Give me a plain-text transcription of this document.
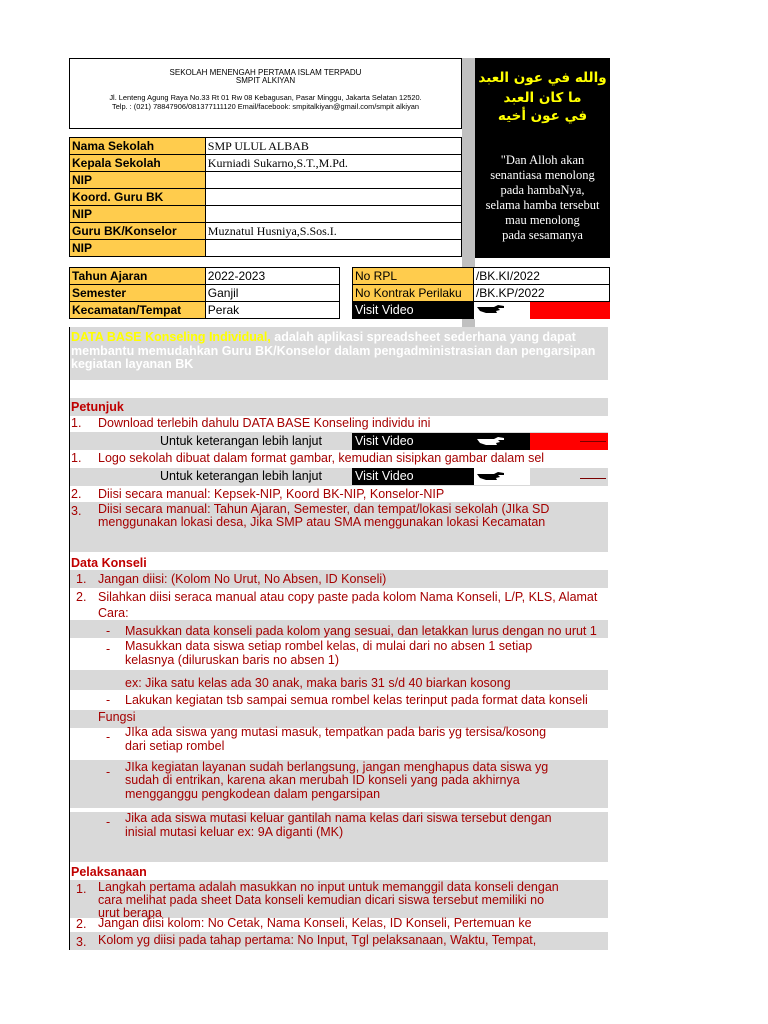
SEKOLAH MENENGAH PERTAMA ISLAM TERPADU
SMPIT ALKIYAN
Jl. Lenteng Agung Raya No.33 Rt 01 Rw 08 Kebagusan, Pasar Minggu, Jakarta Selatan 12520.
Telp. : (021) 78847906/081377111120 Email/facebook: smpitalkiyan@gmail.com/smpit alkiyan
والله في عون العبد
ما كان العبد
في عون أخيه
"Dan Alloh akan
senantiasa menolong
pada hambaNya,
selama hamba tersebut
mau menolong
pada sesamanya
Nama Sekolah	SMP ULUL ALBAB
Kepala Sekolah	Kurniadi Sukarno,S.T.,M.Pd.
NIP	
Koord. Guru BK	
NIP	
Guru BK/Konselor	Muznatul Husniya,S.Sos.I.
NIP	
Tahun Ajaran	2022-2023
Semester	Ganjil
Kecamatan/Tempat	Perak
No RPL	/BK.KI/2022
No Kontrak Perilaku	/BK.KP/2022
Visit Video
DATA BASE Konseling Individual, adalah aplikasi spreadsheet sederhana yang dapat membantu memudahkan Guru BK/Konselor dalam pengadministrasian dan pengarsipan kegiatan layanan BK
Petunjuk
1. Download terlebih dahulu DATA BASE Konseling individu ini
Untuk keterangan lebih lanjut	Visit Video
1. Logo sekolah dibuat dalam format gambar, kemudian sisipkan gambar dalam sel
Untuk keterangan lebih lanjut	Visit Video
2. Diisi secara manual: Kepsek-NIP, Koord BK-NIP, Konselor-NIP
3. Diisi secara manual: Tahun Ajaran, Semester, dan tempat/lokasi sekolah (JIka SD
menggunakan lokasi desa, Jika SMP atau SMA menggunakan lokasi Kecamatan
Data Konseli
1. Jangan diisi: (Kolom No Urut, No Absen, ID Konseli)
2. Silahkan diisi seraca manual atau copy paste pada kolom Nama Konseli, L/P, KLS, Alamat
Cara:
- Masukkan data konseli pada kolom yang sesuai, dan letakkan lurus dengan no urut 1
- Masukkan data siswa setiap rombel kelas, di mulai dari no absen 1 setiap
kelasnya (diluruskan baris no absen 1)
ex: Jika satu kelas ada 30 anak, maka baris 31 s/d 40 biarkan kosong
- Lakukan kegiatan tsb sampai semua rombel kelas terinput pada format data konseli
Fungsi
- JIka ada siswa yang mutasi masuk, tempatkan pada baris yg tersisa/kosong
dari setiap rombel
- JIka kegiatan layanan sudah berlangsung, jangan menghapus data siswa yg
sudah di entrikan, karena akan merubah ID konseli yang pada akhirnya
mengganggu pengkodean dalam pengarsipan
- Jika ada siswa mutasi keluar gantilah nama kelas dari siswa tersebut dengan
inisial mutasi keluar ex: 9A diganti (MK)
Pelaksanaan
1. Langkah pertama adalah masukkan no input untuk memanggil data konseli dengan
cara melihat pada sheet Data konseli kemudian dicari siswa tersebut memiliki no
urut berapa
2. Jangan diisi kolom: No Cetak, Nama Konseli, Kelas, ID Konseli, Pertemuan ke
3. Kolom yg diisi pada tahap pertama: No Input, Tgl pelaksanaan, Waktu, Tempat,
